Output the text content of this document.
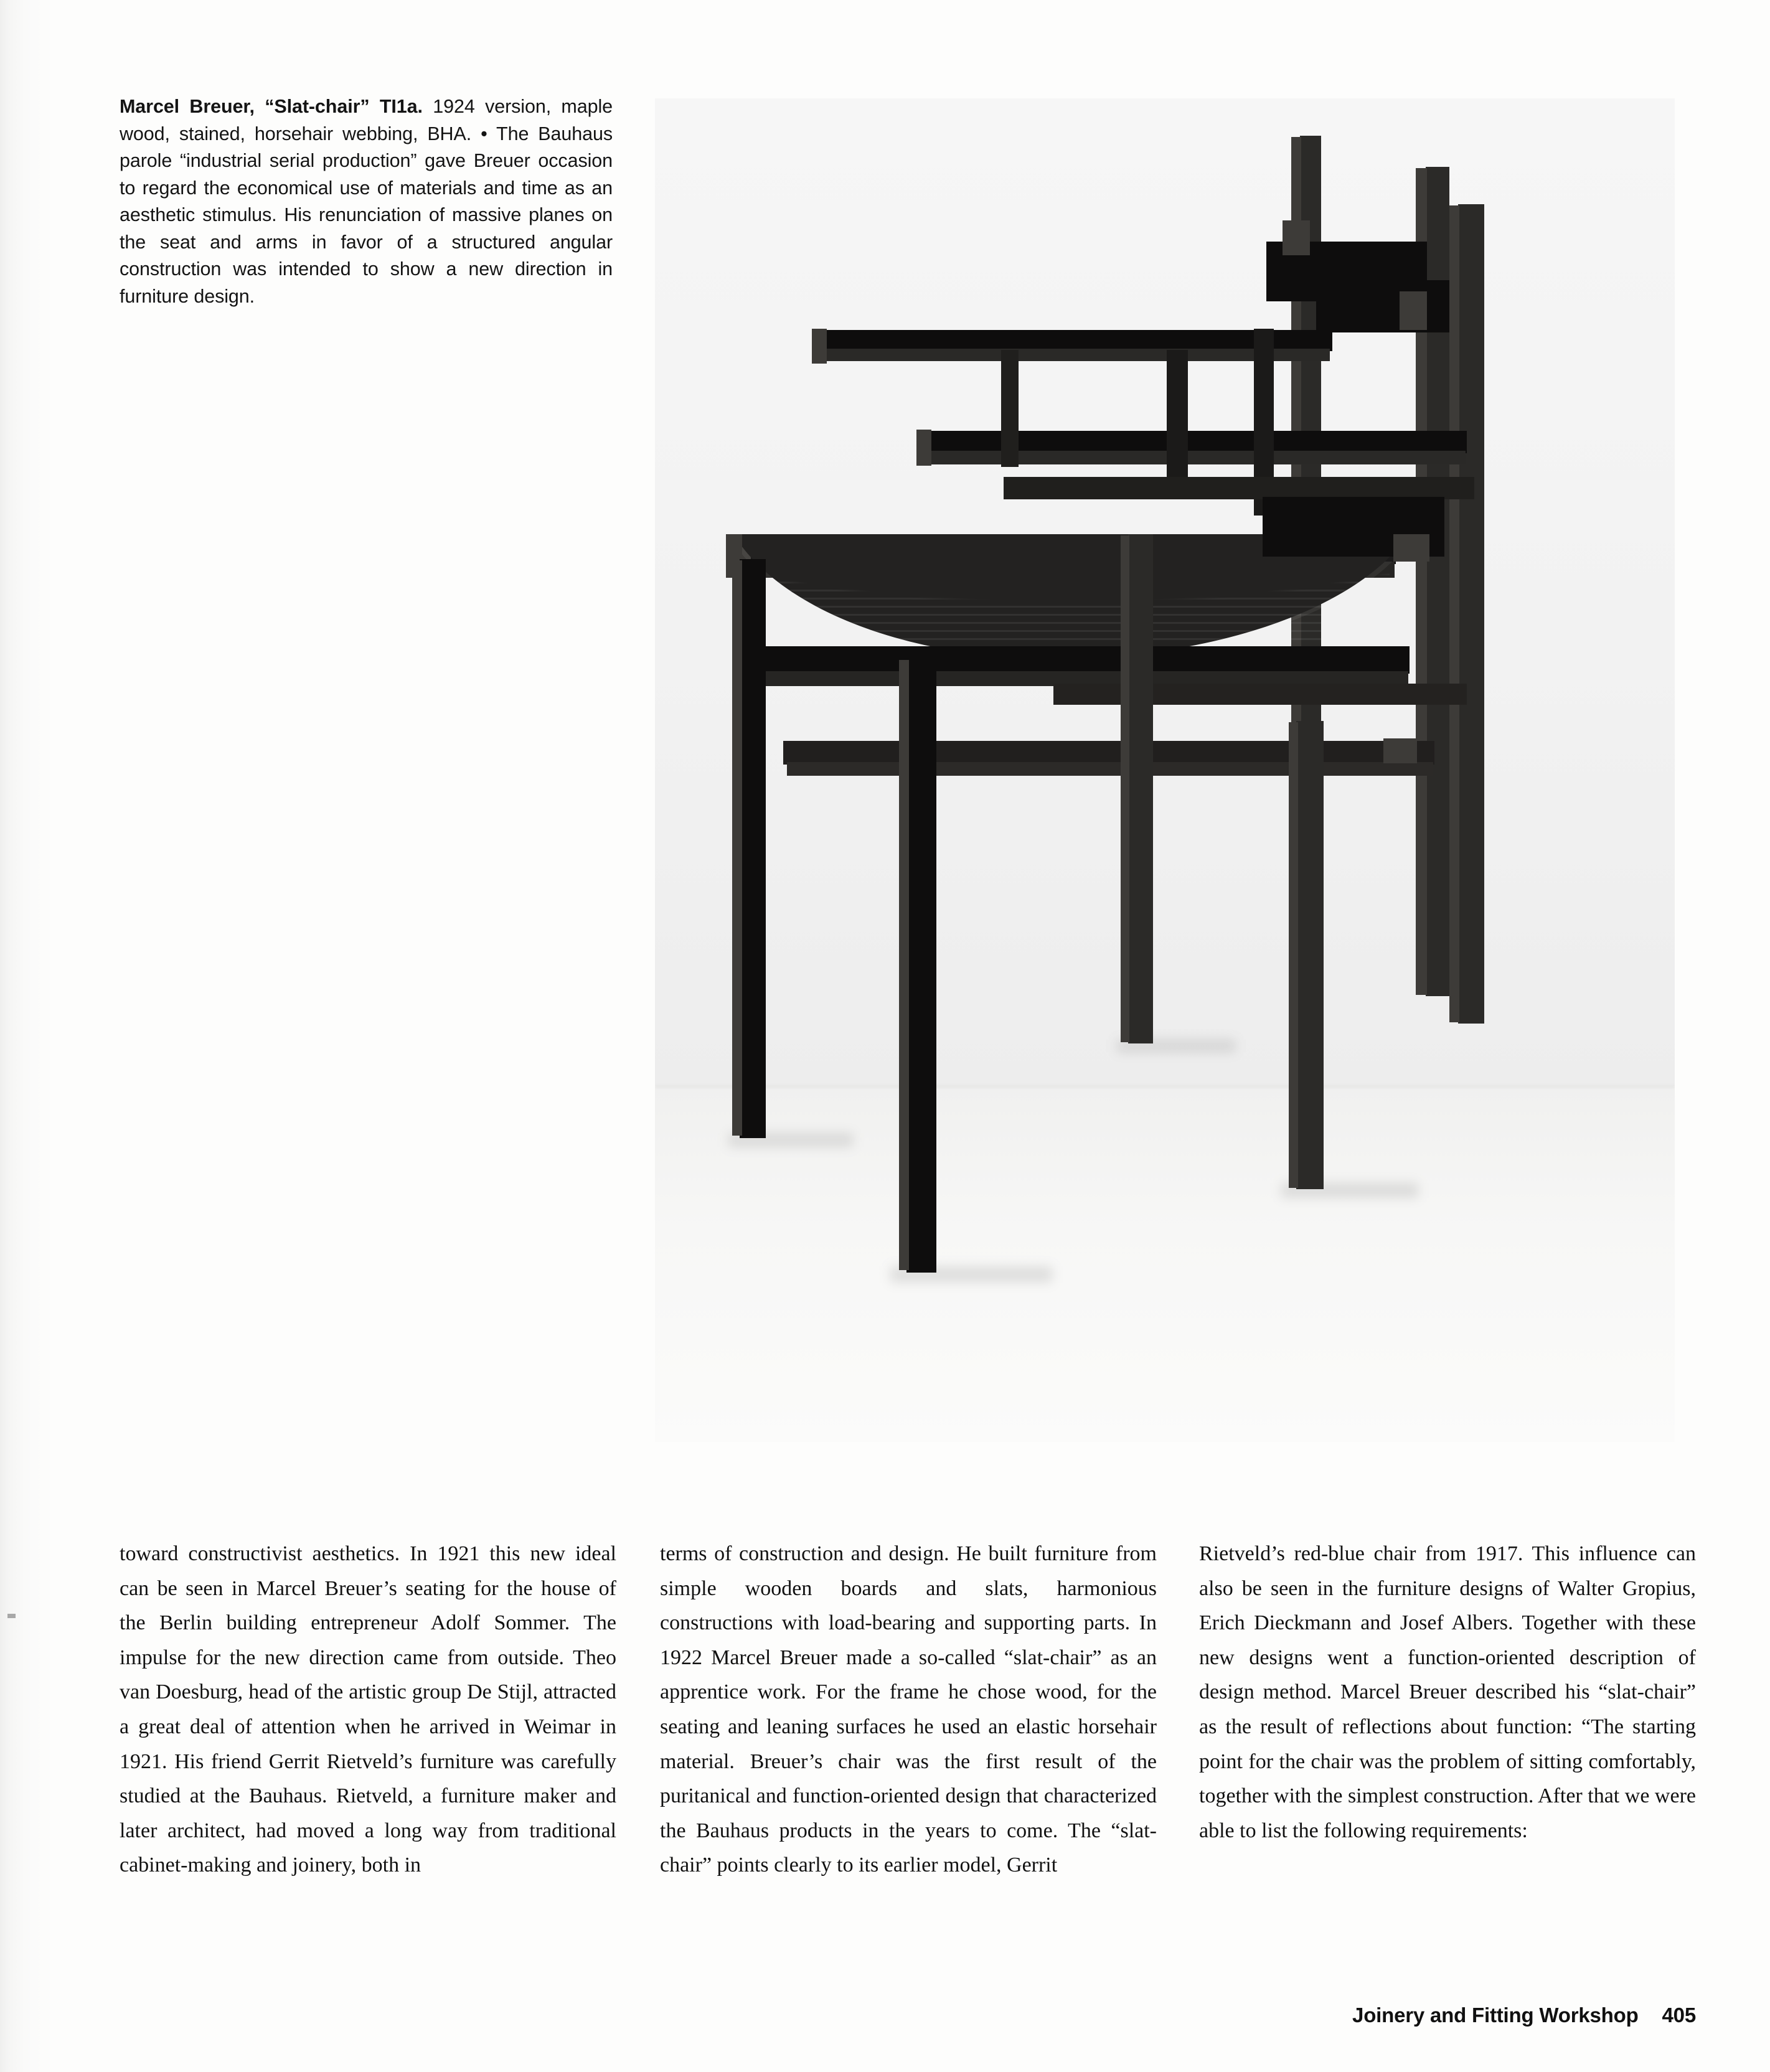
Marcel Breuer, “Slat-chair” TI1a. 1924 version, maple wood, stained, horsehair webbing, BHA. • The Bauhaus parole “industrial serial production” gave Breuer occasion to regard the economical use of materials and time as an aesthetic stimulus. His renunciation of massive planes on the seat and arms in favor of a structured angular construction was intended to show a new direction in furniture design.
toward constructivist aesthetics. In 1921 this new ideal can be seen in Marcel Breuer’s seating for the house of the Berlin building entrepreneur Adolf Sommer. The impulse for the new direction came from outside. Theo van Doesburg, head of the artistic group De Stijl, attracted a great deal of attention when he arrived in Weimar in 1921. His friend Gerrit Rietveld’s furniture was carefully studied at the Bauhaus. Rietveld, a furniture maker and later architect, had moved a long way from traditional cabinet-making and joinery, both in
terms of construction and design. He built furniture from simple wooden boards and slats, harmonious constructions with load-bearing and supporting parts. In 1922 Marcel Breuer made a so-called “slat-chair” as an apprentice work. For the frame he chose wood, for the seating and leaning surfaces he used an elastic horsehair material. Breuer’s chair was the first result of the puritanical and function-oriented design that characterized the Bauhaus products in the years to come. The “slat-chair” points clearly to its earlier model, Gerrit
Rietveld’s red-blue chair from 1917. This influence can also be seen in the furniture designs of Walter Gropius, Erich Dieckmann and Josef Albers. Together with these new designs went a function-oriented description of design method. Marcel Breuer described his “slat-chair” as the result of reflections about function: “The starting point for the chair was the problem of sitting comfortably, together with the simplest construction. After that we were able to list the following requirements:
Joinery and Fitting Workshop 405
